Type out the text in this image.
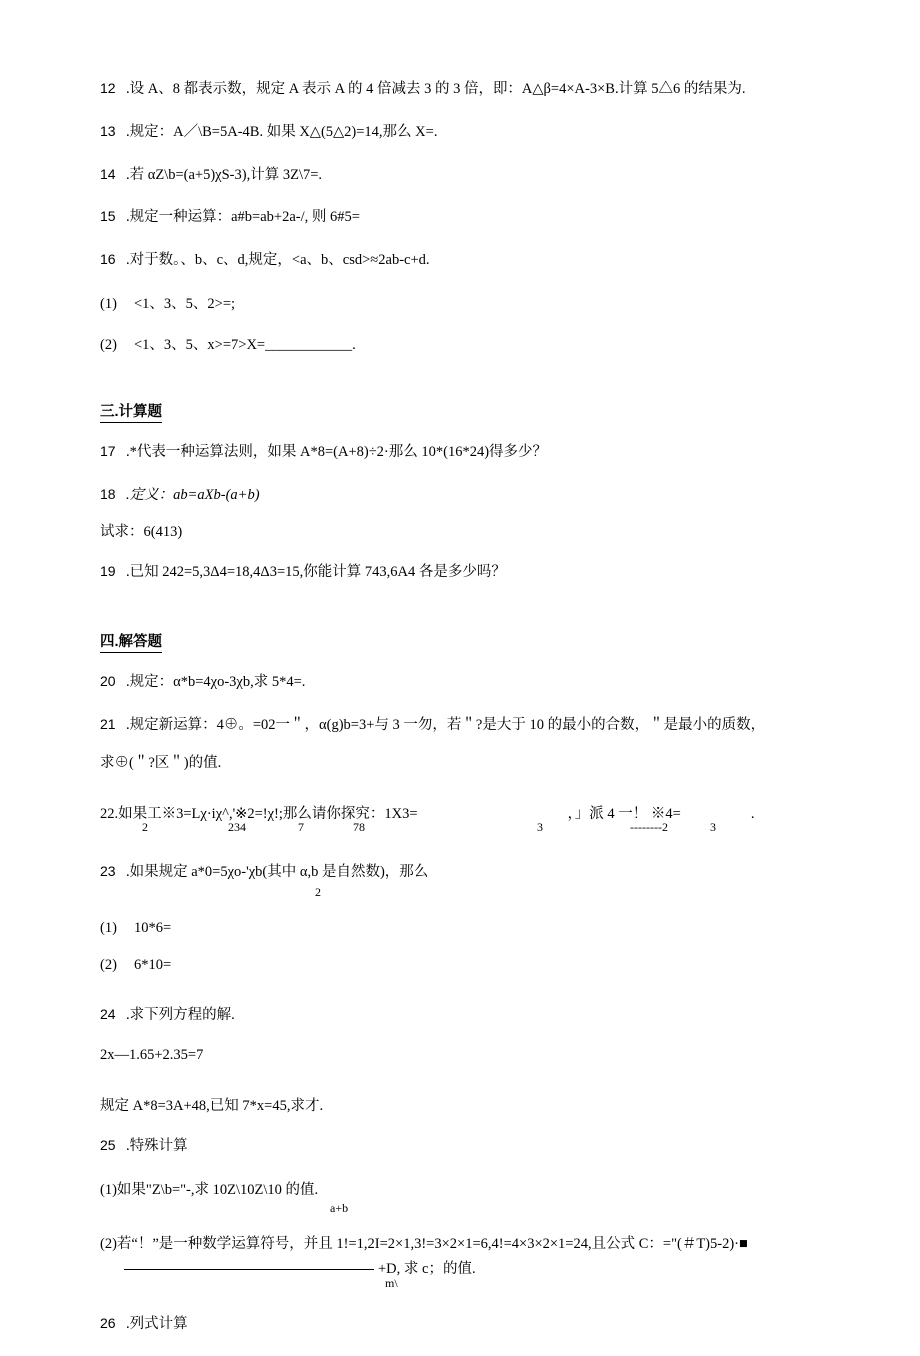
12 .设 A、8 都表示数，规定 A 表示 A 的 4 倍减去 3 的 3 倍，即：A△β=4×A-3×B.计算 5△6 的结果为.
13 .规定：A／\B=5A-4B. 如果 X△(5△2)=14,那么 X=.
14 .若 αZ\b=(a+5)χS-3),计算 3Z\7=.
15 .规定一种运算：a#b=ab+2a-/, 则 6#5=
16 .对于数。、b、c、d,规定，<a、b、csd>≈2ab-c+d.
(1) <1、3、5、2>=;
(2) <1、3、5、x>=7>Χ=____________.
三.计算题
17 .*代表一种运算法则，如果 A*8=(A+8)÷2·那么 10*(16*24)得多少？
18 .定义：ab=aΧb-(a+b)
试求：6(413)
19 .已知 242=5,3Δ4=18,4Δ3=15,你能计算 743,6A4 各是多少吗？
四.解答题
20 .规定：α*b=4χo-3χb,求 5*4=.
21 .规定新运算：4⊕。=02一＂，α(g)b=3+与 3 一勿，若＂?是大于 10 的最小的合数，＂是最小的质数，
求⊕(＂?区＂)的值.
22.如果工※3=Lχ·iχ^,'※2=!χ!;那么请你探究：1Χ3=	，」派 4 一！ ※4=	.
2	234	7	78	3	--------2	3
23 .如果规定 a*0=5χo-'χb(其中 α,b 是自然数)，那么
2
(1) 10*6=
(2) 6*10=
24 .求下列方程的解.
2x—1.65+2.35=7
规定 A*8=3A+48,已知 7*x=45,求才.
25 .特殊计算
(1)如果"Z\b="-,求 10Z\10Z\10 的值.
a+b
(2)若“！”是一种数学运算符号，并且 1!=1,2Ι=2×1,3!=3×2×1=6,4!=4×3×2×1=24,且公式 C：="(＃T)5-2)·■
+D, 求 c；的值.
m\
26 .列式计算
